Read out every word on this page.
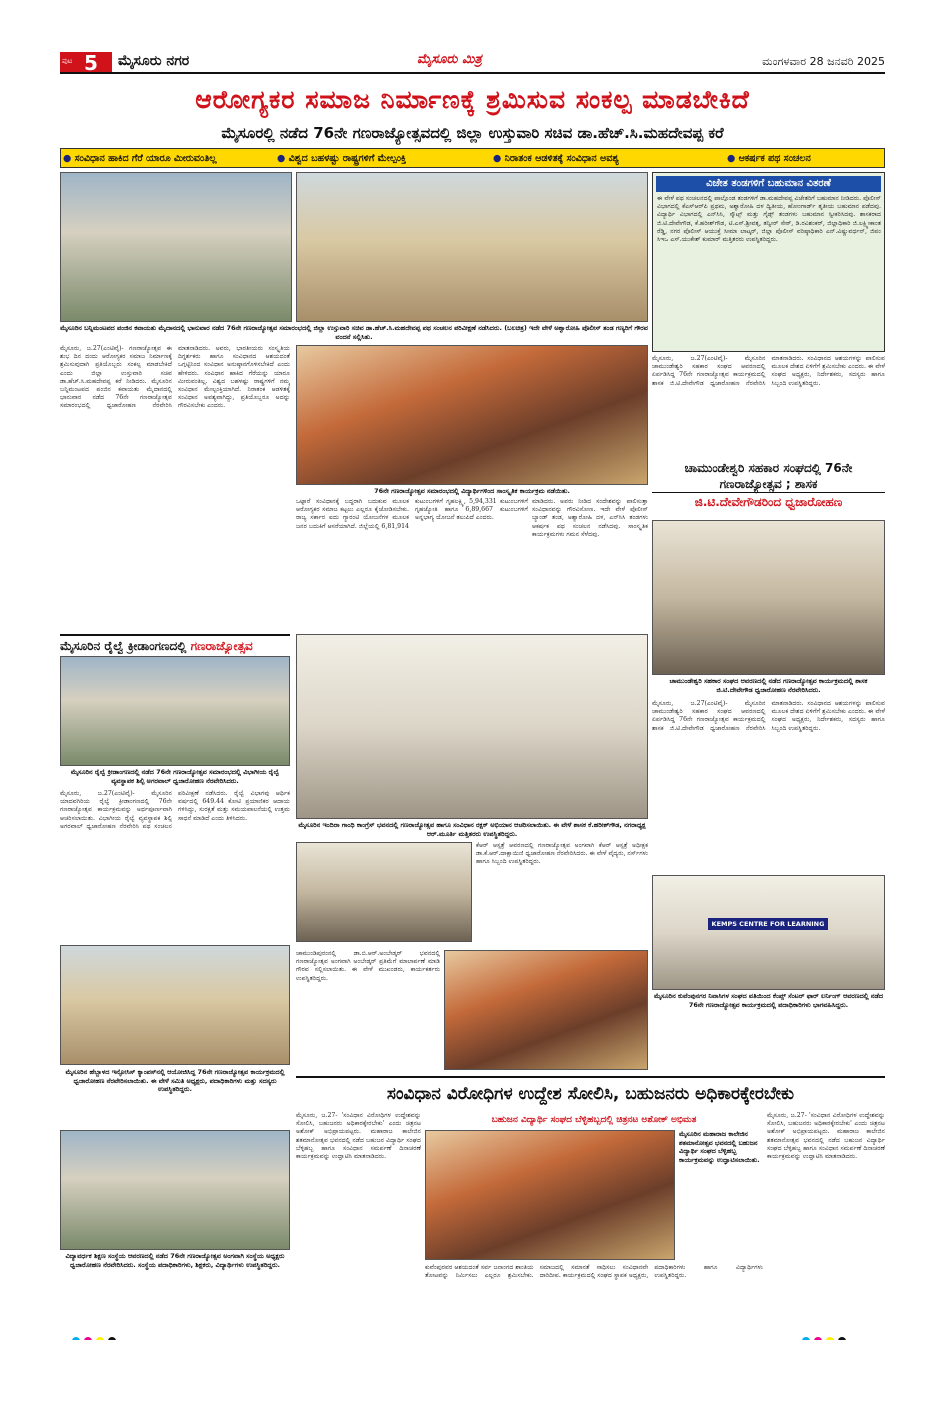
ಪುಟ 5 ಮೈಸೂರು ನಗರ	ಮೈಸೂರು ಮಿತ್ರ	ಮಂಗಳವಾರ 28 ಜನವರಿ 2025
ಆರೋಗ್ಯಕರ ಸಮಾಜ ನಿರ್ಮಾಣಕ್ಕೆ ಶ್ರಮಿಸುವ ಸಂಕಲ್ಪ ಮಾಡಬೇಕಿದೆ
ಮೈಸೂರಲ್ಲಿ ನಡೆದ 76ನೇ ಗಣರಾಜ್ಯೋತ್ಸವದಲ್ಲಿ ಜಿಲ್ಲಾ ಉಸ್ತುವಾರಿ ಸಚಿವ ಡಾ.ಹೆಚ್.ಸಿ.ಮಹದೇವಪ್ಪ ಕರೆ
● ಸಂವಿಧಾನ ಹಾಕಿದ ಗೆರೆ ಯಾರೂ ಮೀರುವಂತಿಲ್ಲ	● ವಿಶ್ವದ ಬಹಳಷ್ಟು ರಾಷ್ಟ್ರಗಳಿಗೆ ಮೇಲ್ಪಂಕ್ತಿ	● ನಿರಾತಂಕ ಆಡಳಿತಕ್ಕೆ ಸಂವಿಧಾನ ಅವಶ್ಯ	● ಆಕರ್ಷಕ ಪಥ ಸಂಚಲನ
ಮೈಸೂರಿನ ಬನ್ನಿಮಂಟಪದ ಪಂಜಿನ ಕವಾಯತು ಮೈದಾನದಲ್ಲಿ ಭಾನುವಾರ ನಡೆದ 76ನೇ ಗಣರಾಜ್ಯೋತ್ಸವ ಸಮಾರಂಭದಲ್ಲಿ ಜಿಲ್ಲಾ ಉಸ್ತುವಾರಿ ಸಚಿವ ಡಾ.ಹೆಚ್.ಸಿ.ಮಹದೇವಪ್ಪ ಪಥ ಸಂಚಲನ ಪರಿವೀಕ್ಷಣೆ ನಡೆಸಿದರು. (ಬಲಚಿತ್ರ) ಇದೇ ವೇಳೆ ಅಶ್ವಾರೋಹಿ ಪೊಲೀಸ್ ತಂಡ ಗಣ್ಯರಿಗೆ ಗೌರವ ವಂದನೆ ಸಲ್ಲಿಸಿತು.
ವಿಜೇತ ತಂಡಗಳಿಗೆ ಬಹುಮಾನ ವಿತರಣೆ
ಈ ವೇಳೆ ಪಥ ಸಂಚಲನದಲ್ಲಿ ಪಾಲ್ಗೊಂಡ ತಂಡಗಳಿಗೆ ಡಾ.ಮಹದೇವಪ್ಪ ವಿಜೇತರಿಗೆ ಬಹುಮಾನ ನೀಡಿದರು. ಪೊಲೀಸ್ ವಿಭಾಗದಲ್ಲಿ ಕೆಎಸ್‌ಆರ್‌ಪಿ ಪ್ರಥಮ, ಅಶ್ವಾರೋಹಿ ದಳ ದ್ವಿತೀಯ, ಹೋಂಗಾರ್ಡ್ ತೃತೀಯ ಬಹುಮಾನ ಪಡೆದವು. ವಿದ್ಯಾರ್ಥಿ ವಿಭಾಗದಲ್ಲಿ ಎನ್‌ಸಿಸಿ, ಸ್ಕೌಟ್ಸ್ ಮತ್ತು ಗೈಡ್ಸ್ ತಂಡಗಳು ಬಹುಮಾನ ಸ್ವೀಕರಿಸಿದವು. ಶಾಸಕರಾದ ಜಿ.ಟಿ.ದೇವೇಗೌಡ, ಕೆ.ಹರೀಶ್‌ಗೌಡ, ಟಿ.ಎಸ್.ಶ್ರೀವತ್ಸ, ತನ್ವೀರ್ ಸೇಠ್, ಡಿ.ರವಿಶಂಕರ್, ಜಿಲ್ಲಾಧಿಕಾರಿ ಜಿ.ಲಕ್ಷ್ಮೀಕಾಂತ ರೆಡ್ಡಿ, ನಗರ ಪೊಲೀಸ್ ಆಯುಕ್ತೆ ಸೀಮಾ ಲಾಟ್ಕರ್, ಜಿಲ್ಲಾ ಪೊಲೀಸ್ ವರಿಷ್ಠಾಧಿಕಾರಿ ಎನ್.ವಿಷ್ಣುವರ್ಧನ್, ಜಿಪಂ ಸಿಇಒ ಎಸ್.ಯುಕೇಶ್ ಕುಮಾರ್ ಮತ್ತಿತರರು ಉಪಸ್ಥಿತರಿದ್ದರು.
ಮೈಸೂರು, ಜ.27(ಎಂಟಿವೈ)- ಗಣರಾಜ್ಯೋತ್ಸವ ಈ ಶುಭ ದಿನ ದಂದು ಆರೋಗ್ಯಕರ ಸಮಾಜ ನಿರ್ಮಾಣಕ್ಕೆ ಶ್ರಮಿಸುವುದಾಗಿ ಪ್ರತಿಯೊಬ್ಬರು ಸಂಕಲ್ಪ ಮಾಡಬೇಕಿದೆ ಎಂದು ಜಿಲ್ಲಾ ಉಸ್ತುವಾರಿ ಸಚಿವ ಡಾ.ಹೆಚ್.ಸಿ.ಮಹದೇವಪ್ಪ ಕರೆ ನೀಡಿದರು. ಮೈಸೂರಿನ ಬನ್ನಿಮಂಟಪದ ಪಂಜಿನ ಕವಾಯತು ಮೈದಾನದಲ್ಲಿ ಭಾನುವಾರ ನಡೆದ 76ನೇ ಗಣರಾಜ್ಯೋತ್ಸವ ಸಮಾರಂಭದಲ್ಲಿ ಧ್ವಜಾರೋಹಣ ನೆರವೇರಿಸಿ ಮಾತನಾಡಿದರು. ಅವರು, ಭಾರತೀಯರು ಸಂಸ್ಕೃತಿಯ ದಿಗ್ದರ್ಶಕರು ಹಾಗೂ ಸಂವಿಧಾನದ ಆಶಯದಂತೆ ಒಗ್ಗಟ್ಟಿನಿಂದ ಸಂವಿಧಾನ ಅನುಷ್ಠಾನಗೊಳಿಸಬೇಕಿದೆ ಎಂದು ಹೇಳಿದರು. ಸಂವಿಧಾನ ಹಾಕಿದ ಗೆರೆಯನ್ನು ಯಾರೂ ಮೀರುವಂತಿಲ್ಲ. ವಿಶ್ವದ ಬಹಳಷ್ಟು ರಾಷ್ಟ್ರಗಳಿಗೆ ನಮ್ಮ ಸಂವಿಧಾನ ಮೇಲ್ಪಂಕ್ತಿಯಾಗಿದೆ. ನಿರಾತಂಕ ಆಡಳಿತಕ್ಕೆ ಸಂವಿಧಾನ ಅವಶ್ಯವಾಗಿದ್ದು, ಪ್ರತಿಯೊಬ್ಬರೂ ಅದನ್ನು ಗೌರವಿಸಬೇಕು ಎಂದರು.
76ನೇ ಗಣರಾಜ್ಯೋತ್ಸವ ಸಮಾರಂಭದಲ್ಲಿ ವಿದ್ಯಾರ್ಥಿಗಳಿಂದ ಸಾಂಸ್ಕೃತಿಕ ಕಾರ್ಯಕ್ರಮ ನಡೆಯಿತು.
ಒಟ್ಟಾರೆ ಸಂವಿಧಾನಕ್ಕೆ ಬದ್ಧರಾಗಿ ಬದುಕುವ ಮೂಲಕ ಆರೋಗ್ಯಕರ ಸಮಾಜ ಕಟ್ಟಲು ಎಲ್ಲರೂ ಕೈಜೋಡಿಸಬೇಕು. ರಾಜ್ಯ ಸರ್ಕಾರ ಐದು ಗ್ಯಾರಂಟಿ ಯೋಜನೆಗಳ ಮೂಲಕ ಜನರ ಬದುಕಿಗೆ ಆಸರೆಯಾಗಿದೆ. ಜಿಲ್ಲೆಯಲ್ಲಿ 6,81,914 ಕುಟುಂಬಗಳಿಗೆ ಗೃಹಲಕ್ಷ್ಮಿ, 5,94,331 ಕುಟುಂಬಗಳಿಗೆ ಗೃಹಜ್ಯೋತಿ ಹಾಗೂ 6,89,667 ಕುಟುಂಬಗಳಿಗೆ ಅನ್ನಭಾಗ್ಯ ಯೋಜನೆ ತಲುಪಿದೆ ಎಂದರು.
ಮಾಡಿದರು. ಅವರು ನೀಡಿದ ಸಂದೇಶವನ್ನು ಪಾಲಿಸುತ್ತಾ ಸಂವಿಧಾನವನ್ನು ಗೌರವಿಸೋಣ. ಇದೇ ವೇಳೆ ಪೊಲೀಸ್ ಬ್ಯಾಂಡ್ ತಂಡ, ಅಶ್ವಾರೋಹಿ ದಳ, ಎನ್‌ಸಿಸಿ ತಂಡಗಳು ಆಕರ್ಷಕ ಪಥ ಸಂಚಲನ ನಡೆಸಿದವು. ಸಾಂಸ್ಕೃತಿಕ ಕಾರ್ಯಕ್ರಮಗಳು ಗಮನ ಸೆಳೆದವು.
ಮೈಸೂರು, ಜ.27(ಎಂಟಿವೈ)- ಮೈಸೂರಿನ ಚಾಮುಂಡೇಶ್ವರಿ ಸಹಕಾರ ಸಂಘದ ಆವರಣದಲ್ಲಿ ಏರ್ಪಡಿಸಿದ್ದ 76ನೇ ಗಣರಾಜ್ಯೋತ್ಸವ ಕಾರ್ಯಕ್ರಮದಲ್ಲಿ ಶಾಸಕ ಜಿ.ಟಿ.ದೇವೇಗೌಡ ಧ್ವಜಾರೋಹಣ ನೆರವೇರಿಸಿ ಮಾತನಾಡಿದರು. ಸಂವಿಧಾನದ ಆಶಯಗಳನ್ನು ಪಾಲಿಸುವ ಮೂಲಕ ದೇಶದ ಏಳಿಗೆಗೆ ಶ್ರಮಿಸಬೇಕು ಎಂದರು. ಈ ವೇಳೆ ಸಂಘದ ಅಧ್ಯಕ್ಷರು, ನಿರ್ದೇಶಕರು, ಸದಸ್ಯರು ಹಾಗೂ ಸಿಬ್ಬಂದಿ ಉಪಸ್ಥಿತರಿದ್ದರು.
ಚಾಮುಂಡೇಶ್ವರಿ ಸಹಕಾರ ಸಂಘದಲ್ಲಿ 76ನೇ ಗಣರಾಜ್ಯೋತ್ಸವ ; ಶಾಸಕ
ಜಿ.ಟಿ.ದೇವೇಗೌಡರಿಂದ ಧ್ವಜಾರೋಹಣ
ಚಾಮುಂಡೇಶ್ವರಿ ಸಹಕಾರ ಸಂಘದ ಆವರಣದಲ್ಲಿ ನಡೆದ ಗಣರಾಜ್ಯೋತ್ಸವ ಕಾರ್ಯಕ್ರಮದಲ್ಲಿ ಶಾಸಕ ಜಿ.ಟಿ.ದೇವೇಗೌಡ ಧ್ವಜಾರೋಹಣ ನೆರವೇರಿಸಿದರು.
ಮೈಸೂರು, ಜ.27(ಎಂಟಿವೈ)- ಮೈಸೂರಿನ ಚಾಮುಂಡೇಶ್ವರಿ ಸಹಕಾರ ಸಂಘದ ಆವರಣದಲ್ಲಿ ಏರ್ಪಡಿಸಿದ್ದ 76ನೇ ಗಣರಾಜ್ಯೋತ್ಸವ ಕಾರ್ಯಕ್ರಮದಲ್ಲಿ ಶಾಸಕ ಜಿ.ಟಿ.ದೇವೇಗೌಡ ಧ್ವಜಾರೋಹಣ ನೆರವೇರಿಸಿ ಮಾತನಾಡಿದರು. ಸಂವಿಧಾನದ ಆಶಯಗಳನ್ನು ಪಾಲಿಸುವ ಮೂಲಕ ದೇಶದ ಏಳಿಗೆಗೆ ಶ್ರಮಿಸಬೇಕು ಎಂದರು. ಈ ವೇಳೆ ಸಂಘದ ಅಧ್ಯಕ್ಷರು, ನಿರ್ದೇಶಕರು, ಸದಸ್ಯರು ಹಾಗೂ ಸಿಬ್ಬಂದಿ ಉಪಸ್ಥಿತರಿದ್ದರು.
ಮೈಸೂರಿನ ರೈಲ್ವೆ ಕ್ರೀಡಾಂಗಣದಲ್ಲಿ ಗಣರಾಜ್ಯೋತ್ಸವ
ಮೈಸೂರಿನ ರೈಲ್ವೆ ಕ್ರೀಡಾಂಗಣದಲ್ಲಿ ನಡೆದ 76ನೇ ಗಣರಾಜ್ಯೋತ್ಸವ ಸಮಾರಂಭದಲ್ಲಿ ವಿಭಾಗೀಯ ರೈಲ್ವೆ ವ್ಯವಸ್ಥಾಪಕ ಶಿಲ್ಪಿ ಅಗರವಾಲ್ ಧ್ವಜಾರೋಹಣ ನೆರವೇರಿಸಿದರು.
ಮೈಸೂರು, ಜ.27(ಎಂಟಿವೈ)- ಮೈಸೂರಿನ ಯಾದವಗಿರಿಯ ರೈಲ್ವೆ ಕ್ರೀಡಾಂಗಣದಲ್ಲಿ 76ನೇ ಗಣರಾಜ್ಯೋತ್ಸವ ಕಾರ್ಯಕ್ರಮವನ್ನು ಅರ್ಥಪೂರ್ಣವಾಗಿ ಆಚರಿಸಲಾಯಿತು. ವಿಭಾಗೀಯ ರೈಲ್ವೆ ವ್ಯವಸ್ಥಾಪಕ ಶಿಲ್ಪಿ ಅಗರವಾಲ್ ಧ್ವಜಾರೋಹಣ ನೆರವೇರಿಸಿ ಪಥ ಸಂಚಲನ ಪರಿವೀಕ್ಷಣೆ ನಡೆಸಿದರು. ರೈಲ್ವೆ ವಿಭಾಗವು ಆರ್ಥಿಕ ವರ್ಷದಲ್ಲಿ 649.44 ಕೋಟಿ ಪ್ರಯಾಣಿಕರ ಆದಾಯ ಗಳಿಸಿದ್ದು, ಸುರಕ್ಷತೆ ಮತ್ತು ಸಮಯಪಾಲನೆಯಲ್ಲಿ ಉತ್ತಮ ಸಾಧನೆ ಮಾಡಿದೆ ಎಂದು ತಿಳಿಸಿದರು.
ಮೈಸೂರಿನ ಇಂದಿರಾ ಗಾಂಧಿ ಕಾಂಗ್ರೆಸ್ ಭವನದಲ್ಲಿ ಗಣರಾಜ್ಯೋತ್ಸವ ಹಾಗೂ ಸಂವಿಧಾನ ರಕ್ಷಕ್ ಅಭಿಯಾನ ಆಚರಿಸಲಾಯಿತು. ಈ ವೇಳೆ ಶಾಸಕ ಕೆ.ಹರೀಶ್‌ಗೌಡ, ನಗರಾಧ್ಯಕ್ಷ ಆರ್.ಮೂರ್ತಿ ಮತ್ತಿತರರು ಉಪಸ್ಥಿತರಿದ್ದರು.
ಕೆಆರ್ ಆಸ್ಪತ್ರೆ ಆವರಣದಲ್ಲಿ ಗಣರಾಜ್ಯೋತ್ಸವ ಅಂಗವಾಗಿ ಕೆಆರ್ ಆಸ್ಪತ್ರೆ ಅಧೀಕ್ಷಕ ಡಾ.ಕೆ.ಆರ್.ದಾಕ್ಷಾಯಿಣಿ ಧ್ವಜಾರೋಹಣ ನೆರವೇರಿಸಿದರು. ಈ ವೇಳೆ ವೈದ್ಯರು, ನರ್ಸ್‌ಗಳು ಹಾಗೂ ಸಿಬ್ಬಂದಿ ಉಪಸ್ಥಿತರಿದ್ದರು.
ಚಾಮುಂಡಿಪುರಂನಲ್ಲಿ ಡಾ.ಬಿ.ಆರ್.ಅಂಬೇಡ್ಕರ್ ಭವನದಲ್ಲಿ ಗಣರಾಜ್ಯೋತ್ಸವ ಅಂಗವಾಗಿ ಅಂಬೇಡ್ಕರ್ ಪ್ರತಿಮೆಗೆ ಮಾಲಾರ್ಪಣೆ ಮಾಡಿ ಗೌರವ ಸಲ್ಲಿಸಲಾಯಿತು. ಈ ವೇಳೆ ಮುಖಂಡರು, ಕಾರ್ಯಕರ್ತರು ಉಪಸ್ಥಿತರಿದ್ದರು.
KEMPS CENTRE FOR LEARNING
ಮೈಸೂರಿನ ಕುವೆಂಪುನಗರ ನಿವಾಸಿಗಳ ಸಂಘದ ವತಿಯಿಂದ ಕೆಂಪ್ಸ್ ಸೆಂಟರ್ ಫಾರ್ ಲರ್ನಿಂಗ್ ಆವರಣದಲ್ಲಿ ನಡೆದ 76ನೇ ಗಣರಾಜ್ಯೋತ್ಸವ ಕಾರ್ಯಕ್ರಮದಲ್ಲಿ ಪದಾಧಿಕಾರಿಗಳು ಭಾಗವಹಿಸಿದ್ದರು.
ಮೈಸೂರಿನ ಹೆಬ್ಬಾಳದ ಇನ್ಫೋಸಿಸ್ ಕ್ಯಾಂಪಸ್‌ನಲ್ಲಿ ಆಯೋಜಿಸಿದ್ದ 76ನೇ ಗಣರಾಜ್ಯೋತ್ಸವ ಕಾರ್ಯಕ್ರಮದಲ್ಲಿ ಧ್ವಜಾರೋಹಣ ನೆರವೇರಿಸಲಾಯಿತು. ಈ ವೇಳೆ ಸಮಿತಿ ಅಧ್ಯಕ್ಷರು, ಪದಾಧಿಕಾರಿಗಳು ಮತ್ತು ಸದಸ್ಯರು ಉಪಸ್ಥಿತರಿದ್ದರು.
ವಿದ್ಯಾವರ್ಧಕ ಶಿಕ್ಷಣ ಸಂಸ್ಥೆಯ ಆವರಣದಲ್ಲಿ ನಡೆದ 76ನೇ ಗಣರಾಜ್ಯೋತ್ಸವ ಅಂಗವಾಗಿ ಸಂಸ್ಥೆಯ ಅಧ್ಯಕ್ಷರು ಧ್ವಜಾರೋಹಣ ನೆರವೇರಿಸಿದರು. ಸಂಸ್ಥೆಯ ಪದಾಧಿಕಾರಿಗಳು, ಶಿಕ್ಷಕರು, ವಿದ್ಯಾರ್ಥಿಗಳು ಉಪಸ್ಥಿತರಿದ್ದರು.
ಸಂವಿಧಾನ ವಿರೋಧಿಗಳ ಉದ್ದೇಶ ಸೋಲಿಸಿ, ಬಹುಜನರು ಅಧಿಕಾರಕ್ಕೇರಬೇಕು
ಮೈಸೂರು, ಜ.27- 'ಸಂವಿಧಾನ ವಿರೋಧಿಗಳ ಉದ್ದೇಶವನ್ನು ಸೋಲಿಸಿ, ಬಹುಜನರು ಅಧಿಕಾರಕ್ಕೇರಬೇಕು' ಎಂದು ಚಿತ್ರನಟ ಅಶೋಕ್ ಅಭಿಪ್ರಾಯಪಟ್ಟರು. ಮಹಾರಾಜ ಕಾಲೇಜಿನ ಶತಮಾನೋತ್ಸವ ಭವನದಲ್ಲಿ ನಡೆದ ಬಹುಜನ ವಿದ್ಯಾರ್ಥಿ ಸಂಘದ ಬೆಳ್ಳಿಹಬ್ಬ ಹಾಗೂ ಸಂವಿಧಾನ ಸಮರ್ಪಣೆ ದಿನಾಚರಣೆ ಕಾರ್ಯಕ್ರಮವನ್ನು ಉದ್ಘಾಟಿಸಿ ಮಾತನಾಡಿದರು.
ಬಹುಜನ ವಿದ್ಯಾರ್ಥಿ ಸಂಘದ ಬೆಳ್ಳಿಹಬ್ಬದಲ್ಲಿ ಚಿತ್ರನಟ ಅಶೋಕ್ ಅಭಿಮತ
ಮೈಸೂರಿನ ಮಹಾರಾಜ ಕಾಲೇಜಿನ ಶತಮಾನೋತ್ಸವ ಭವನದಲ್ಲಿ ಬಹುಜನ ವಿದ್ಯಾರ್ಥಿ ಸಂಘದ ಬೆಳ್ಳಿಹಬ್ಬ ಕಾರ್ಯಕ್ರಮವನ್ನು ಉದ್ಘಾಟಿಸಲಾಯಿತು.
ಕುವೆಂಪುರವರ ಆಶಯದಂತೆ ಸರ್ವ ಜನಾಂಗದ ಶಾಂತಿಯ ತೋಟವನ್ನು ನಿರ್ಮಿಸಲು ಎಲ್ಲರೂ ಶ್ರಮಿಸಬೇಕು. ಸಮಾಜದಲ್ಲಿ ಸಮಾನತೆ ಸಾಧಿಸಲು ಸಂವಿಧಾನವೇ ದಾರಿದೀಪ. ಕಾರ್ಯಕ್ರಮದಲ್ಲಿ ಸಂಘದ ಸ್ಥಾಪಕ ಅಧ್ಯಕ್ಷರು, ಪದಾಧಿಕಾರಿಗಳು ಹಾಗೂ ವಿದ್ಯಾರ್ಥಿಗಳು ಉಪಸ್ಥಿತರಿದ್ದರು.
ಮೈಸೂರು, ಜ.27- 'ಸಂವಿಧಾನ ವಿರೋಧಿಗಳ ಉದ್ದೇಶವನ್ನು ಸೋಲಿಸಿ, ಬಹುಜನರು ಅಧಿಕಾರಕ್ಕೇರಬೇಕು' ಎಂದು ಚಿತ್ರನಟ ಅಶೋಕ್ ಅಭಿಪ್ರಾಯಪಟ್ಟರು. ಮಹಾರಾಜ ಕಾಲೇಜಿನ ಶತಮಾನೋತ್ಸವ ಭವನದಲ್ಲಿ ನಡೆದ ಬಹುಜನ ವಿದ್ಯಾರ್ಥಿ ಸಂಘದ ಬೆಳ್ಳಿಹಬ್ಬ ಹಾಗೂ ಸಂವಿಧಾನ ಸಮರ್ಪಣೆ ದಿನಾಚರಣೆ ಕಾರ್ಯಕ್ರಮವನ್ನು ಉದ್ಘಾಟಿಸಿ ಮಾತನಾಡಿದರು.
